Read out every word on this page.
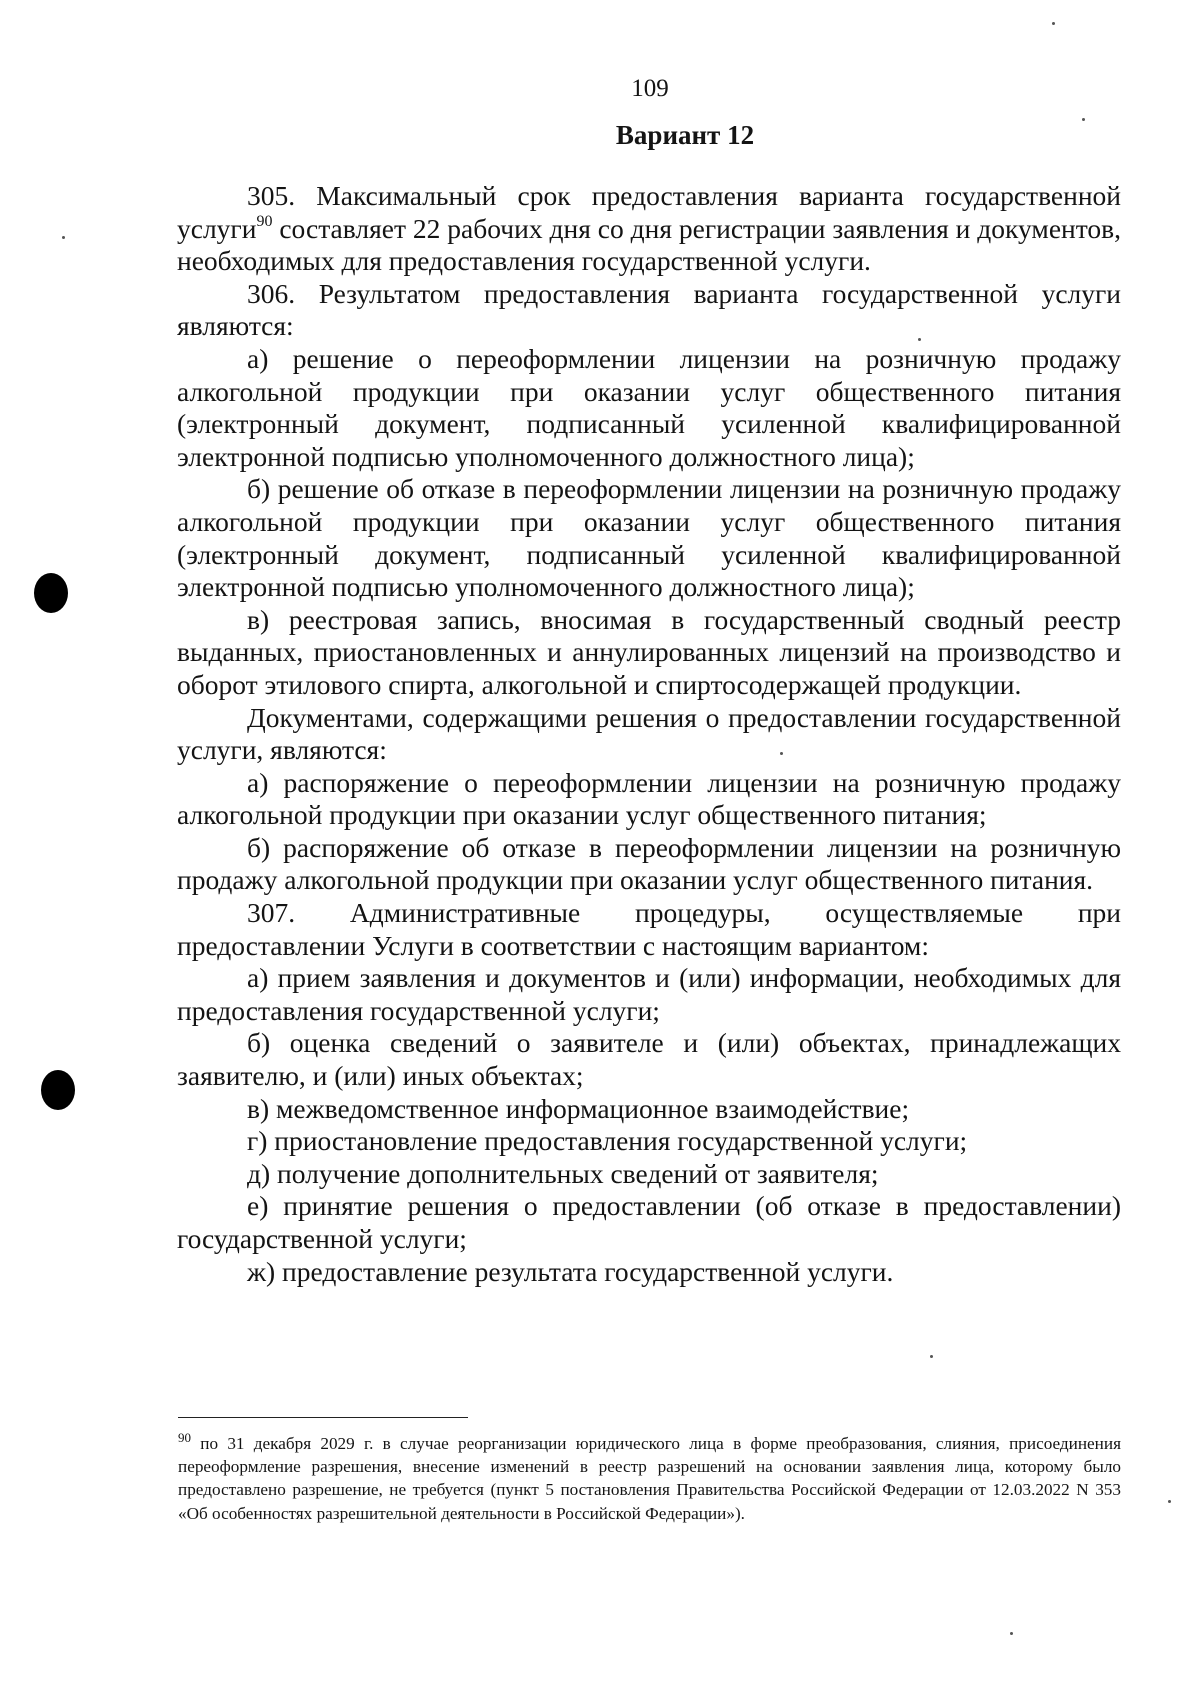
109
Вариант 12

305. Максимальный срок предоставления варианта государственной услуги$^{90}$ составляет 22 рабочих дня со дня регистрации заявления и документов, необходимых для предоставления государственной услуги.

306. Результатом предоставления варианта государственной услуги являются:

а) решение о переоформлении лицензии на розничную продажу алкогольной продукции при оказании услуг общественного питания (электронный документ, подписанный усиленной квалифицированной электронной подписью уполномоченного должностного лица);

б) решение об отказе в переоформлении лицензии на розничную продажу алкогольной продукции при оказании услуг общественного питания (электронный документ, подписанный усиленной квалифицированной электронной подписью уполномоченного должностного лица);

в) реестровая запись, вносимая в государственный сводный реестр выданных, приостановленных и аннулированных лицензий на производство и оборот этилового спирта, алкогольной и спиртосодержащей продукции.

Документами, содержащими решения о предоставлении государственной услуги, являются:

а) распоряжение о переоформлении лицензии на розничную продажу алкогольной продукции при оказании услуг общественного питания;

б) распоряжение об отказе в переоформлении лицензии на розничную продажу алкогольной продукции при оказании услуг общественного питания.

307. Административные процедуры, осуществляемые при предоставлении Услуги в соответствии с настоящим вариантом:

а) прием заявления и документов и (или) информации, необходимых для предоставления государственной услуги;

б) оценка сведений о заявителе и (или) объектах, принадлежащих заявителю, и (или) иных объектах;

в) межведомственное информационное взаимодействие;

г) приостановление предоставления государственной услуги;

д) получение дополнительных сведений от заявителя;

е) принятие решения о предоставлении (об отказе в предоставлении) государственной услуги;

ж) предоставление результата государственной услуги.

$^{90}$ по 31 декабря 2029 г. в случае реорганизации юридического лица в форме преобразования, слияния, присоединения переоформление разрешения, внесение изменений в реестр разрешений на основании заявления лица, которому было предоставлено разрешение, не требуется (пункт 5 постановления Правительства Российской Федерации от 12.03.2022 N 353 «Об особенностях разрешительной деятельности в Российской Федерации»).
